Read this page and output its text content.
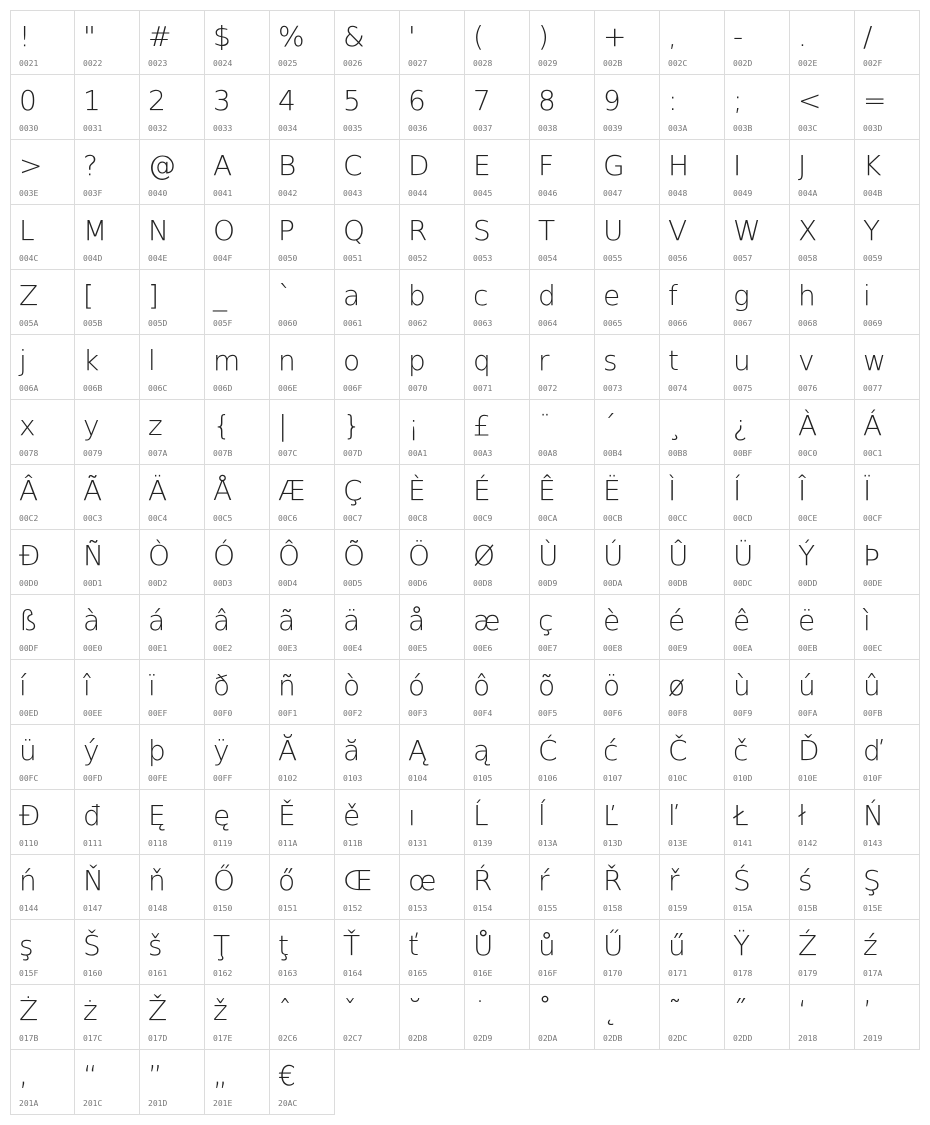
!
0021
"
0022
#
0023
$
0024
%
0025
&
0026
'
0027
(
0028
)
0029
+
002B
,
002C
-
002D
.
002E
/
002F
0
0030
1
0031
2
0032
3
0033
4
0034
5
0035
6
0036
7
0037
8
0038
9
0039
:
003A
;
003B
<
003C
=
003D
>
003E
?
003F
@
0040
A
0041
B
0042
C
0043
D
0044
E
0045
F
0046
G
0047
H
0048
I
0049
J
004A
K
004B
L
004C
M
004D
N
004E
O
004F
P
0050
Q
0051
R
0052
S
0053
T
0054
U
0055
V
0056
W
0057
X
0058
Y
0059
Z
005A
[
005B
]
005D
_
005F
`
0060
a
0061
b
0062
c
0063
d
0064
e
0065
f
0066
g
0067
h
0068
i
0069
j
006A
k
006B
l
006C
m
006D
n
006E
o
006F
p
0070
q
0071
r
0072
s
0073
t
0074
u
0075
v
0076
w
0077
x
0078
y
0079
z
007A
{
007B
|
007C
}
007D
¡
00A1
£
00A3
¨
00A8
´
00B4
¸
00B8
¿
00BF
À
00C0
Á
00C1
Â
00C2
Ã
00C3
Ä
00C4
Å
00C5
Æ
00C6
Ç
00C7
È
00C8
É
00C9
Ê
00CA
Ë
00CB
Ì
00CC
Í
00CD
Î
00CE
Ï
00CF
Ð
00D0
Ñ
00D1
Ò
00D2
Ó
00D3
Ô
00D4
Õ
00D5
Ö
00D6
Ø
00D8
Ù
00D9
Ú
00DA
Û
00DB
Ü
00DC
Ý
00DD
Þ
00DE
ß
00DF
à
00E0
á
00E1
â
00E2
ã
00E3
ä
00E4
å
00E5
æ
00E6
ç
00E7
è
00E8
é
00E9
ê
00EA
ë
00EB
ì
00EC
í
00ED
î
00EE
ï
00EF
ð
00F0
ñ
00F1
ò
00F2
ó
00F3
ô
00F4
õ
00F5
ö
00F6
ø
00F8
ù
00F9
ú
00FA
û
00FB
ü
00FC
ý
00FD
þ
00FE
ÿ
00FF
Ă
0102
ă
0103
Ą
0104
ą
0105
Ć
0106
ć
0107
Č
010C
č
010D
Ď
010E
ď
010F
Đ
0110
đ
0111
Ę
0118
ę
0119
Ě
011A
ě
011B
ı
0131
Ĺ
0139
ĺ
013A
Ľ
013D
ľ
013E
Ł
0141
ł
0142
Ń
0143
ń
0144
Ň
0147
ň
0148
Ő
0150
ő
0151
Œ
0152
œ
0153
Ŕ
0154
ŕ
0155
Ř
0158
ř
0159
Ś
015A
ś
015B
Ş
015E
ş
015F
Š
0160
š
0161
Ţ
0162
ţ
0163
Ť
0164
ť
0165
Ů
016E
ů
016F
Ű
0170
ű
0171
Ÿ
0178
Ź
0179
ź
017A
Ż
017B
ż
017C
Ž
017D
ž
017E
ˆ
02C6
ˇ
02C7
˘
02D8
˙
02D9
˚
02DA
˛
02DB
˜
02DC
˝
02DD
‘
2018
’
2019
‚
201A
“
201C
”
201D
„
201E
€
20AC
